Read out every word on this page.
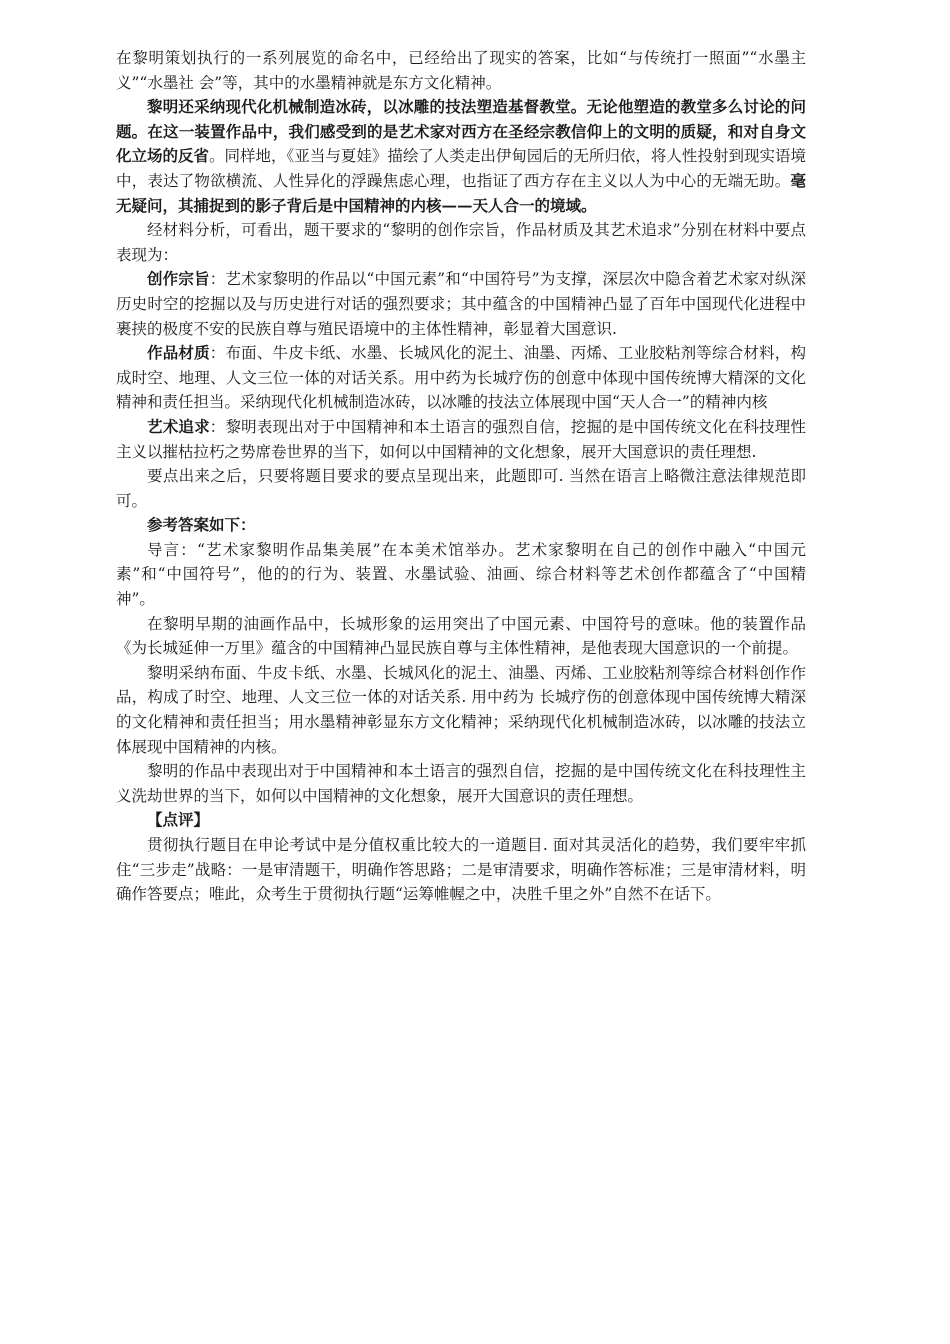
在黎明策划执行的一系列展览的命名中，已经给出了现实的答案，比如“与传统打一照面”“水墨主义”“水墨社 会”等，其中的水墨精神就是东方文化精神。

黎明还采纳现代化机械制造冰砖，以冰雕的技法塑造基督教堂。无论他塑造的教堂多么讨论的问题。在这一装置作品中，我们感受到的是艺术家对西方在圣经宗教信仰上的文明的质疑，和对自身文化立场的反省。同样地，《亚当与夏娃》描绘了人类走出伊甸园后的无所归依，将人性投射到现实语境中，表达了物欲横流、人性异化的浮躁焦虑心理，也指证了西方存在主义以人为中心的无端无助。毫无疑问，其捕捉到的影子背后是中国精神的内核——天人合一的境域。

经材料分析，可看出，题干要求的“黎明的创作宗旨，作品材质及其艺术追求”分别在材料中要点表现为：

创作宗旨：艺术家黎明的作品以“中国元素”和“中国符号”为支撑，深层次中隐含着艺术家对纵深历史时空的挖掘以及与历史进行对话的强烈要求；其中蕴含的中国精神凸显了百年中国现代化进程中裹挟的极度不安的民族自尊与殖民语境中的主体性精神，彰显着大国意识.

作品材质：布面、牛皮卡纸、水墨、长城风化的泥土、油墨、丙烯、工业胶粘剂等综合材料，构成时空、地理、人文三位一体的对话关系。用中药为长城疗伤的创意中体现中国传统博大精深的文化精神和责任担当。采纳现代化机械制造冰砖，以冰雕的技法立体展现中国“天人合一”的精神内核

艺术追求：黎明表现出对于中国精神和本土语言的强烈自信，挖掘的是中国传统文化在科技理性主义以摧枯拉朽之势席卷世界的当下，如何以中国精神的文化想象，展开大国意识的责任理想.

要点出来之后，只要将题目要求的要点呈现出来，此题即可. 当然在语言上略微注意法律规范即可。

参考答案如下：

导言：“艺术家黎明作品集美展”在本美术馆举办。艺术家黎明在自己的创作中融入“中国元素”和“中国符号”，他的的行为、装置、水墨试验、油画、综合材料等艺术创作都蕴含了“中国精神”。

在黎明早期的油画作品中，长城形象的运用突出了中国元素、中国符号的意味。他的装置作品《为长城延伸一万里》蕴含的中国精神凸显民族自尊与主体性精神，是他表现大国意识的一个前提。

黎明采纳布面、牛皮卡纸、水墨、长城风化的泥土、油墨、丙烯、工业胶粘剂等综合材料创作作品，构成了时空、地理、人文三位一体的对话关系. 用中药为 长城疗伤的创意体现中国传统博大精深的文化精神和责任担当；用水墨精神彰显东方文化精神；采纳现代化机械制造冰砖，以冰雕的技法立体展现中国精神的内核。

黎明的作品中表现出对于中国精神和本土语言的强烈自信，挖掘的是中国传统文化在科技理性主义洗劫世界的当下，如何以中国精神的文化想象，展开大国意识的责任理想。

【点评】

贯彻执行题目在申论考试中是分值权重比较大的一道题目. 面对其灵活化的趋势，我们要牢牢抓住“三步走”战略：一是审清题干，明确作答思路；二是审清要求，明确作答标准；三是审清材料，明确作答要点；唯此，众考生于贯彻执行题“运筹帷幄之中，决胜千里之外”自然不在话下。
